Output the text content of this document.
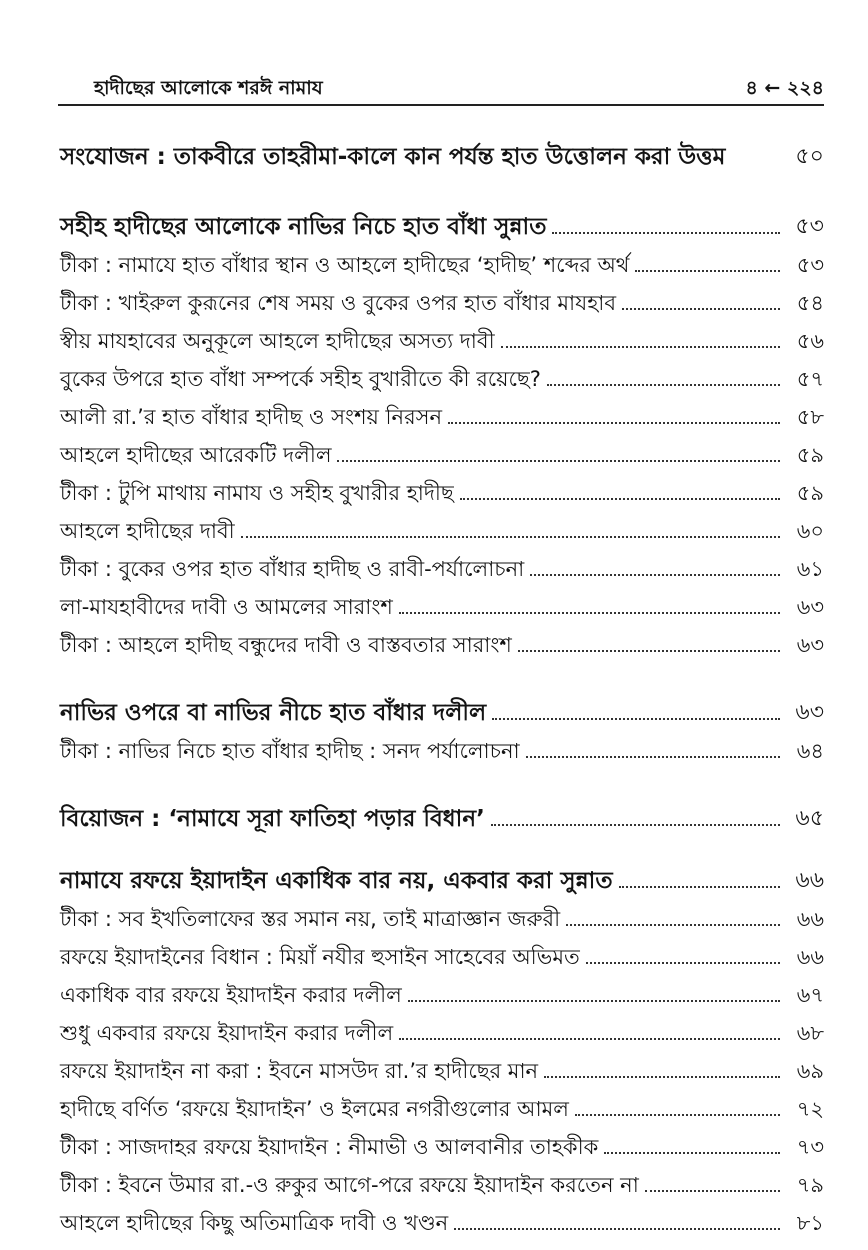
হাদীছের আলোকে শরঈ নামায	৪ ← ২২৪
সংযোজন : তাকবীরে তাহরীমা-কালে কান পর্যন্ত হাত উত্তোলন করা উত্তম	৫০
সহীহ হাদীছের আলোকে নাভির নিচে হাত বাঁধা সুন্নাত	৫৩
টীকা : নামাযে হাত বাঁধার স্থান ও আহলে হাদীছের ‘হাদীছ’ শব্দের অর্থ	৫৩
টীকা : খাইরুল কুরূনের শেষ সময় ও বুকের ওপর হাত বাঁধার মাযহাব	৫৪
স্বীয় মাযহাবের অনুকূলে আহলে হাদীছের অসত্য দাবী	৫৬
বুকের উপরে হাত বাঁধা সম্পর্কে সহীহ বুখারীতে কী রয়েছে?	৫৭
আলী রা.’র হাত বাঁধার হাদীছ ও সংশয় নিরসন	৫৮
আহলে হাদীছের আরেকটি দলীল	৫৯
টীকা : টুপি মাথায় নামায ও সহীহ বুখারীর হাদীছ	৫৯
আহলে হাদীছের দাবী	৬০
টীকা : বুকের ওপর হাত বাঁধার হাদীছ ও রাবী-পর্যালোচনা	৬১
লা-মাযহাবীদের দাবী ও আমলের সারাংশ	৬৩
টীকা : আহলে হাদীছ বন্ধুদের দাবী ও বাস্তবতার সারাংশ	৬৩
নাভির ওপরে বা নাভির নীচে হাত বাঁধার দলীল	৬৩
টীকা : নাভির নিচে হাত বাঁধার হাদীছ : সনদ পর্যালোচনা	৬৪
বিয়োজন : ‘নামাযে সূরা ফাতিহা পড়ার বিধান’	৬৫
নামাযে রফয়ে ইয়াদাইন একাধিক বার নয়, একবার করা সুন্নাত	৬৬
টীকা : সব ইখতিলাফের স্তর সমান নয়, তাই মাত্রাজ্ঞান জরুরী	৬৬
রফয়ে ইয়াদাইনের বিধান : মিয়াঁ নযীর হুসাইন সাহেবের অভিমত	৬৬
একাধিক বার রফয়ে ইয়াদাইন করার দলীল	৬৭
শুধু একবার রফয়ে ইয়াদাইন করার দলীল	৬৮
রফয়ে ইয়াদাইন না করা : ইবনে মাসউদ রা.’র হাদীছের মান	৬৯
হাদীছে বর্ণিত ‘রফয়ে ইয়াদাইন’ ও ইলমের নগরীগুলোর আমল	৭২
টীকা : সাজদাহর রফয়ে ইয়াদাইন : নীমাভী ও আলবানীর তাহকীক	৭৩
টীকা : ইবনে উমার রা.-ও রুকুর আগে-পরে রফয়ে ইয়াদাইন করতেন না	৭৯
আহলে হাদীছের কিছু অতিমাত্রিক দাবী ও খণ্ডন	৮১
